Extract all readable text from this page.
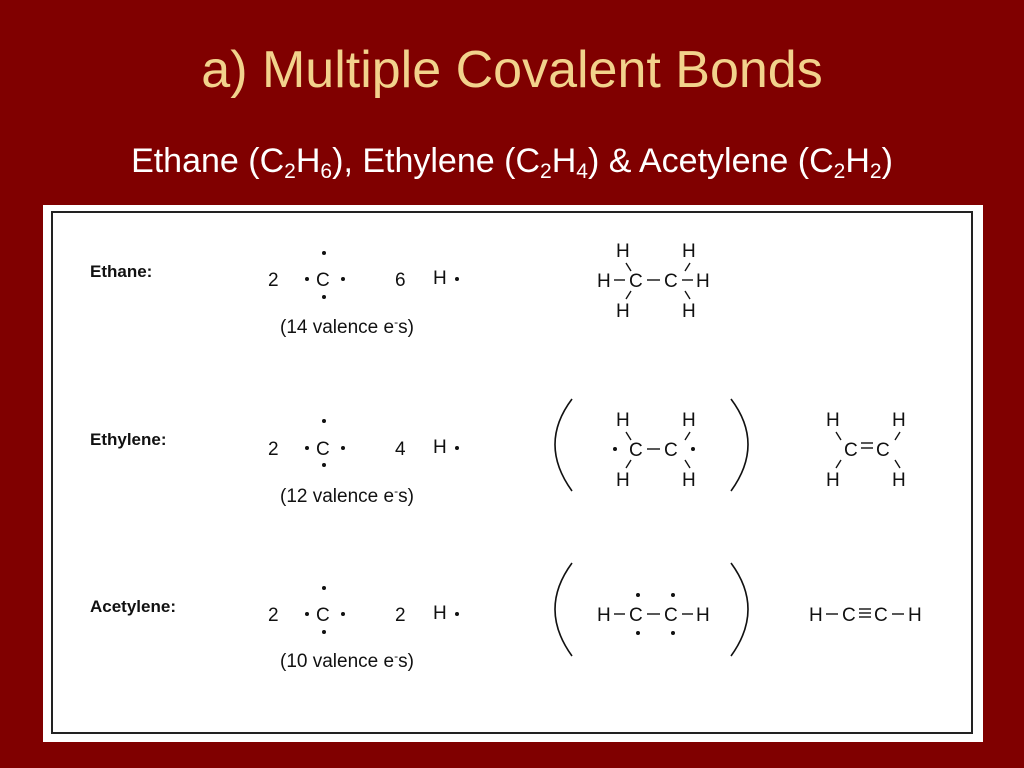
a) Multiple Covalent Bonds
Ethane $(C_2H_6)$, Ethylene $(C_2H_4)$ & Acetylene $(C_2H_2)$
Ethane:	2 C	6 H
(14 valence e-s)
H	H
H C C H
H	H
Ethylene:	2 C	4 H
(12 valence e-s)
H	H
C C
H	H
H	H
C C
H	H
Acetylene:	2 C	2 H
(10 valence e-s)
H C C H	H C C H
